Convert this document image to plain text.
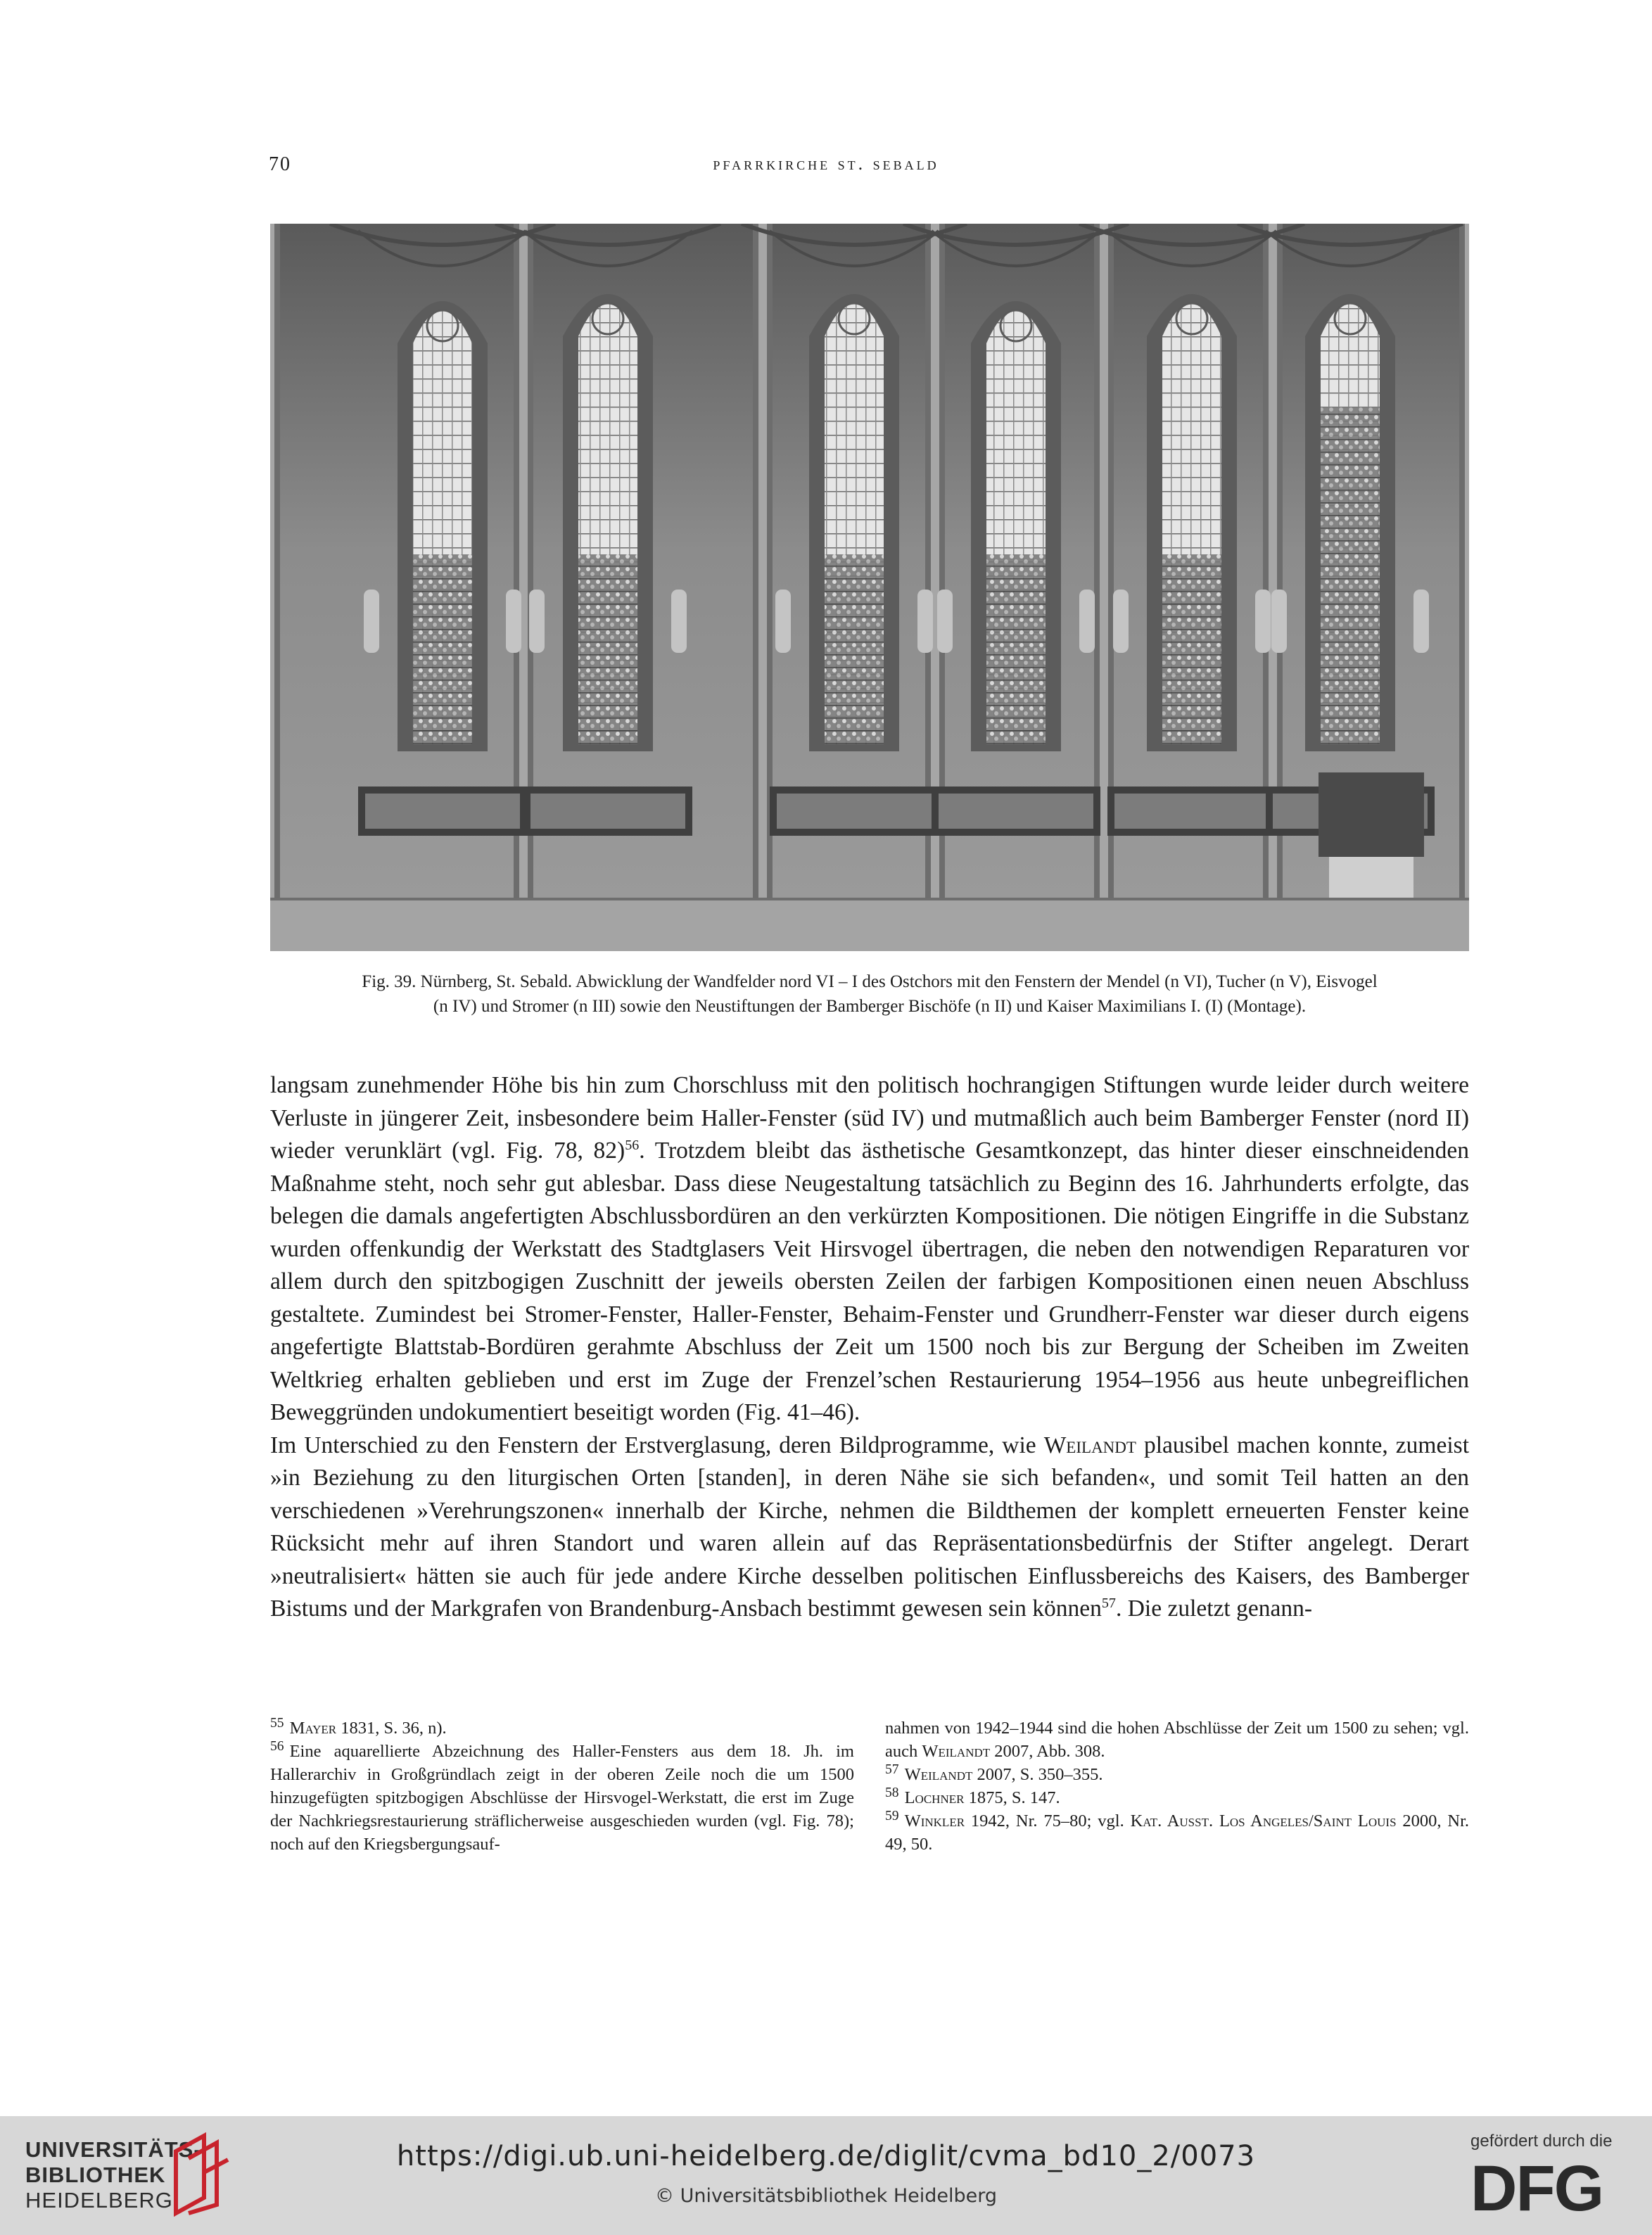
70	pfarrkirche st. sebald

Fig. 39. Nürnberg, St. Sebald. Abwicklung der Wandfelder nord VI – I des Ostchors mit den Fenstern der Mendel (n VI), Tucher (n V), Eisvogel

(n IV) und Stromer (n III) sowie den Neustiftungen der Bamberger Bischöfe (n II) und Kaiser Maximilians I. (I) (Montage).

langsam zunehmender Höhe bis hin zum Chorschluss mit den politisch hochrangigen Stiftungen wurde leider durch weitere Verluste in jüngerer Zeit, insbesondere beim Haller-Fenster (süd IV) und mutmaßlich auch beim Bamberger Fenster (nord II) wieder verunklärt (vgl. Fig. 78, 82)$^{56}$. Trotzdem bleibt das ästhetische Gesamtkonzept, das hinter dieser einschneidenden Maßnahme steht, noch sehr gut ablesbar. Dass diese Neugestaltung tatsächlich zu Beginn des 16. Jahrhunderts erfolgte, das belegen die damals angefertigten Abschlussbordüren an den verkürzten Kompositionen. Die nötigen Eingriffe in die Substanz wurden offenkundig der Werkstatt des Stadtglasers Veit Hirsvogel übertragen, die neben den notwendigen Reparaturen vor allem durch den spitzbogigen Zuschnitt der jeweils obersten Zeilen der farbigen Kompositionen einen neuen Abschluss gestaltete. Zumindest bei Stromer-Fenster, Haller-Fenster, Behaim-Fenster und Grundherr-Fenster war dieser durch eigens angefertigte Blattstab-Bordüren gerahmte Abschluss der Zeit um 1500 noch bis zur Bergung der Scheiben im Zweiten Weltkrieg erhalten geblieben und erst im Zuge der Frenzel’schen Restaurierung 1954–1956 aus heute unbegreiflichen Beweggründen undokumentiert beseitigt worden (Fig. 41–46).

Im Unterschied zu den Fenstern der Erstverglasung, deren Bildprogramme, wie Weilandt plausibel machen konnte, zumeist »in Beziehung zu den liturgischen Orten [standen], in deren Nähe sie sich befanden«, und somit Teil hatten an den verschiedenen »Verehrungszonen« innerhalb der Kirche, nehmen die Bildthemen der komplett erneuerten Fenster keine Rücksicht mehr auf ihren Standort und waren allein auf das Repräsentationsbedürfnis der Stifter angelegt. Derart »neutralisiert« hätten sie auch für jede andere Kirche desselben politischen Einflussbereichs des Kaisers, des Bamberger Bistums und der Markgrafen von Brandenburg-Ansbach bestimmt gewesen sein können$^{57}$. Die zuletzt genann-

$^{55}$ Mayer 1831, S. 36, n).

$^{56}$ Eine aquarellierte Abzeichnung des Haller-Fensters aus dem 18. Jh. im Hallerarchiv in Großgründlach zeigt in der oberen Zeile noch die um 1500 hinzugefügten spitzbogigen Abschlüsse der Hirsvogel-Werkstatt, die erst im Zuge der Nachkriegsrestaurierung sträflicherweise ausgeschieden wurden (vgl. Fig. 78); noch auf den Kriegsbergungsauf-

nahmen von 1942–1944 sind die hohen Abschlüsse der Zeit um 1500 zu sehen; vgl. auch Weilandt 2007, Abb. 308.

$^{57}$ Weilandt 2007, S. 350–355.

$^{58}$ Lochner 1875, S. 147.

$^{59}$ Winkler 1942, Nr. 75–80; vgl. Kat. Ausst. Los Angeles/Saint Louis 2000, Nr. 49, 50.

UNIVERSITÄTS-
BIBLIOTHEK
HEIDELBERG
https://digi.ub.uni-heidelberg.de/diglit/cvma_bd10_2/0073
© Universitätsbibliothek Heidelberg
gefördert durch die
DFG
